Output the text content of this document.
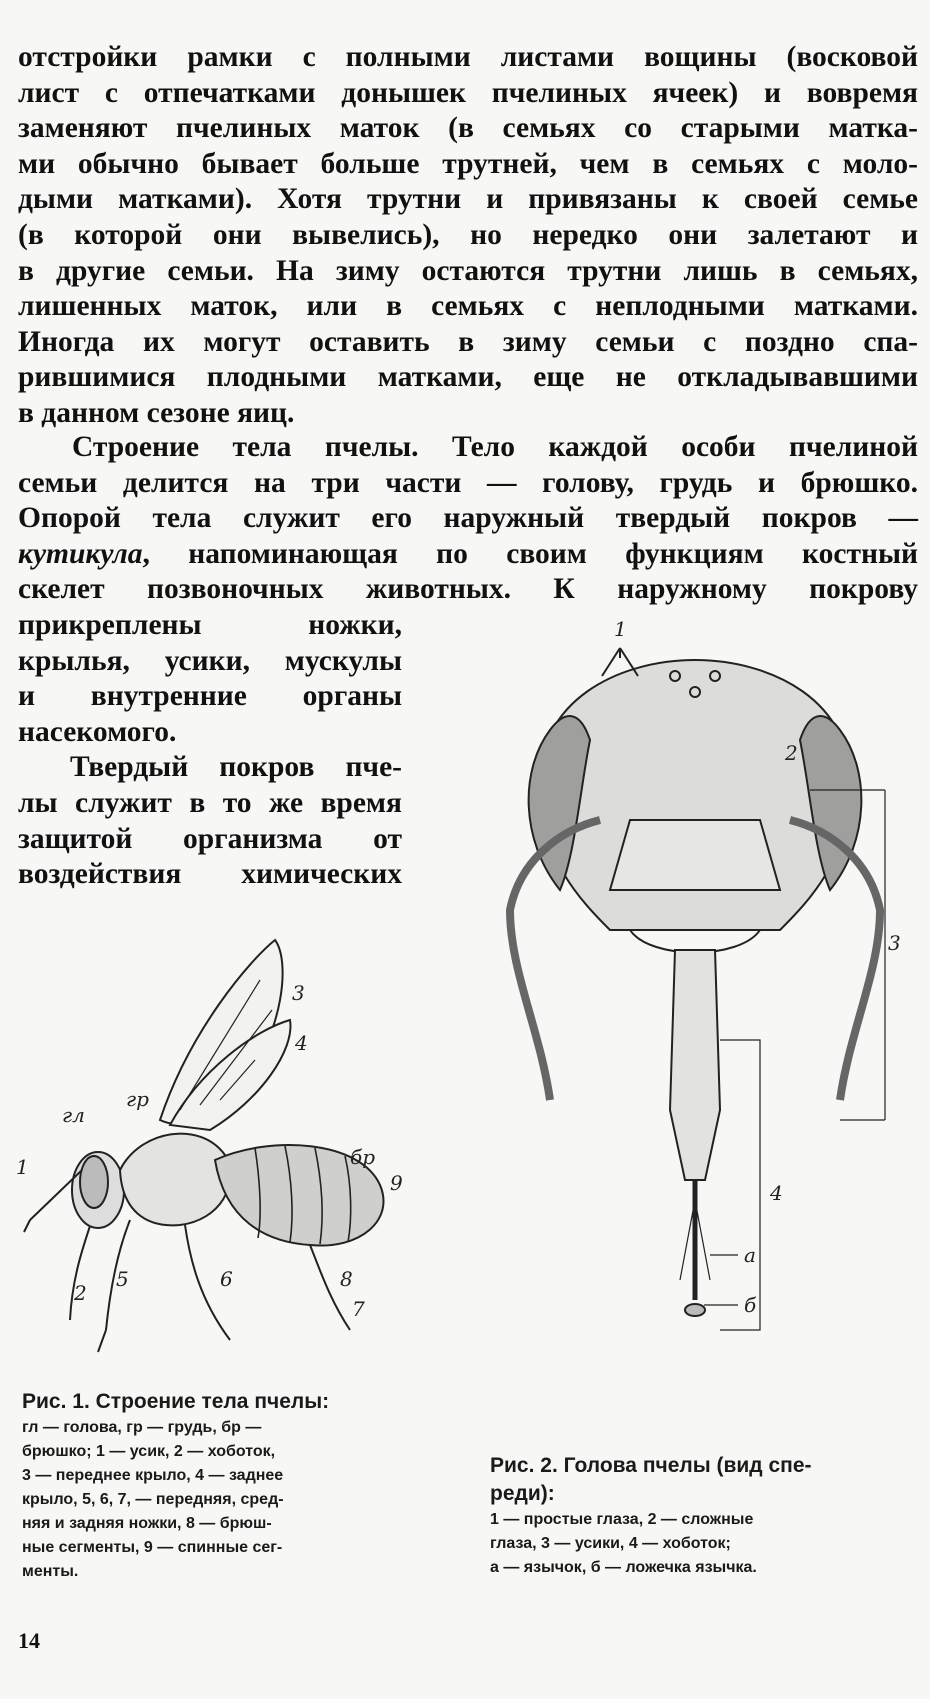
отстройки рамки с полными листами вощины (восковой
лист с отпечатками донышек пчелиных ячеек) и вовремя
заменяют пчелиных маток (в семьях со старыми матка-
ми обычно бывает больше трутней, чем в семьях с моло-
дыми матками). Хотя трутни и привязаны к своей семье
(в которой они вывелись), но нередко они залетают и
в другие семьи. На зиму остаются трутни лишь в семьях,
лишенных маток, или в семьях с неплодными матками.
Иногда их могут оставить в зиму семьи с поздно спа-
рившимися плодными матками, еще не откладывавшими
в данном сезоне яиц.
Строение тела пчелы. Тело каждой особи пчелиной
семьи делится на три части — голову, грудь и брюшко.
Опорой тела служит его наружный твердый покров —
кутикула, напоминающая по своим функциям костный
скелет позвоночных животных. К наружному покрову
прикреплены ножки,
крылья, усики, мускулы
и внутренние органы
насекомого.
Твердый покров пче-
лы служит в то же время
защитой организма от
воздействия химических
1
2
3
4
5	6
7
8
9
гл
гр
бр
1
2
3
4
а
б
Рис. 1. Строение тела пчелы:
гл — голова, гр — грудь, бр —
брюшко; 1 — усик, 2 — хоботок,
3 — переднее крыло, 4 — заднее
крыло, 5, 6, 7, — передняя, сред-
няя и задняя ножки, 8 — брюш-
ные сегменты, 9 — спинные сег-
менты.
Рис. 2. Голова пчелы (вид спе-
реди):
1 — простые глаза, 2 — сложные
глаза, 3 — усики, 4 — хоботок;
а — язычок, б — ложечка язычка.
14
